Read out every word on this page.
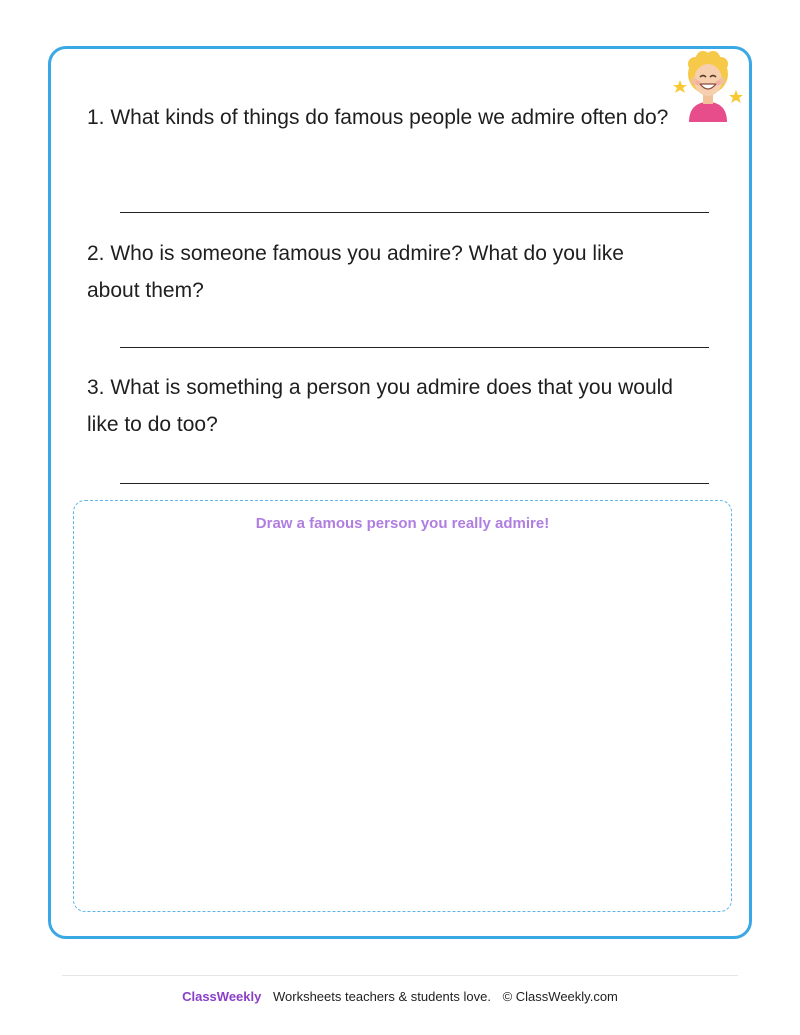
1. What kinds of things do famous people we admire often do?
2. Who is someone famous you admire? What do you like about them?
3. What is something a person you admire does that you would like to do too?
Draw a famous person you really admire!
ClassWeekly Worksheets teachers & students love. © ClassWeekly.com
